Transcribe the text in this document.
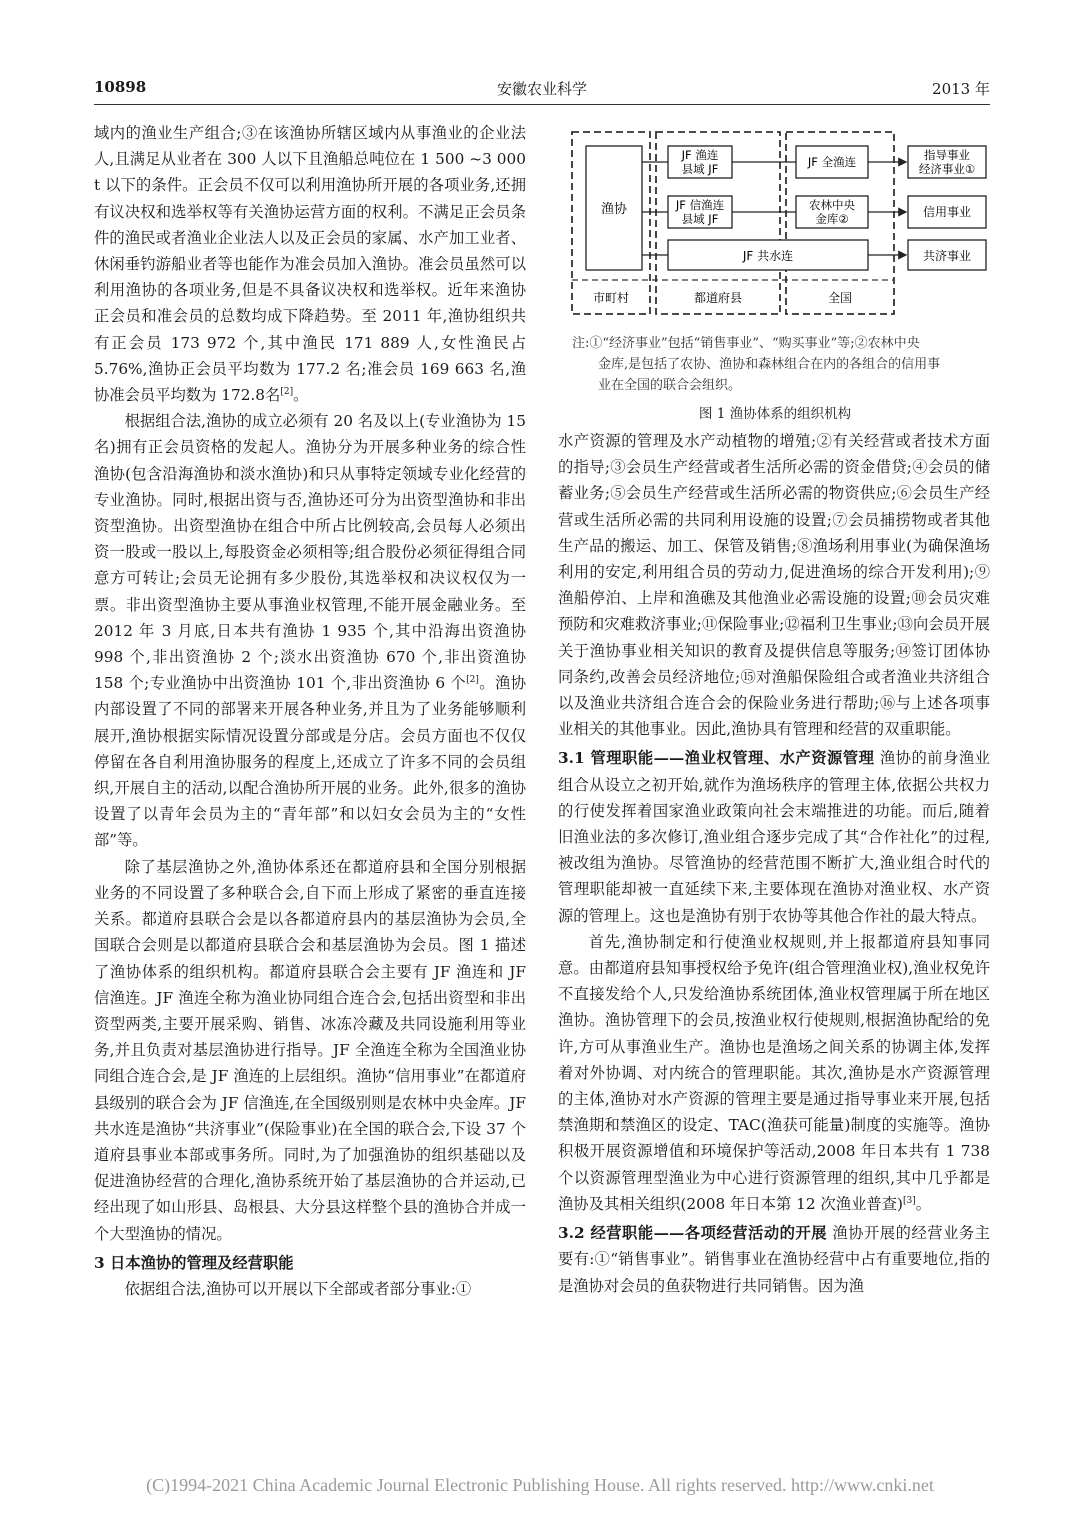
10898	安徽农业科学	2013 年

域内的渔业生产组合;③在该渔协所辖区域内从事渔业的企业法人,且满足从业者在 300 人以下且渔船总吨位在 1 500 ~3 000 t 以下的条件。正会员不仅可以利用渔协所开展的各项业务,还拥有议决权和选举权等有关渔协运营方面的权利。不满足正会员条件的渔民或者渔业企业法人以及正会员的家属、水产加工业者、休闲垂钓游船业者等也能作为准会员加入渔协。准会员虽然可以利用渔协的各项业务,但是不具备议决权和选举权。近年来渔协正会员和准会员的总数均成下降趋势。至 2011 年,渔协组织共有正会员 173 972 个,其中渔民 171 889 人,女性渔民占 5.76%,渔协正会员平均数为 177.2 名;准会员 169 663 名,渔协准会员平均数为 172.8名[2]。

根据组合法,渔协的成立必须有 20 名及以上(专业渔协为 15 名)拥有正会员资格的发起人。渔协分为开展多种业务的综合性渔协(包含沿海渔协和淡水渔协)和只从事特定领域专业化经营的专业渔协。同时,根据出资与否,渔协还可分为出资型渔协和非出资型渔协。出资型渔协在组合中所占比例较高,会员每人必须出资一股或一股以上,每股资金必须相等;组合股份必须征得组合同意方可转让;会员无论拥有多少股份,其选举权和决议权仅为一票。非出资型渔协主要从事渔业权管理,不能开展金融业务。至 2012 年 3 月底,日本共有渔协 1 935 个,其中沿海出资渔协 998 个,非出资渔协 2 个;淡水出资渔协 670 个,非出资渔协 158 个;专业渔协中出资渔协 101 个,非出资渔协 6 个[2]。渔协内部设置了不同的部署来开展各种业务,并且为了业务能够顺利展开,渔协根据实际情况设置分部或是分店。会员方面也不仅仅停留在各自利用渔协服务的程度上,还成立了许多不同的会员组织,开展自主的活动,以配合渔协所开展的业务。此外,很多的渔协设置了以青年会员为主的“青年部”和以妇女会员为主的“女性部”等。

除了基层渔协之外,渔协体系还在都道府县和全国分别根据业务的不同设置了多种联合会,自下而上形成了紧密的垂直连接关系。都道府县联合会是以各都道府县内的基层渔协为会员,全国联合会则是以都道府县联合会和基层渔协为会员。图 1 描述了渔协体系的组织机构。都道府县联合会主要有 JF 渔连和 JF 信渔连。JF 渔连全称为渔业协同组合连合会,包括出资型和非出资型两类,主要开展采购、销售、冰冻冷藏及共同设施利用等业务,并且负责对基层渔协进行指导。JF 全渔连全称为全国渔业协同组合连合会,是 JF 渔连的上层组织。渔协“信用事业”在都道府县级别的联合会为 JF 信渔连,在全国级别则是农林中央金库。JF 共水连是渔协“共济事业”(保险事业)在全国的联合会,下设 37 个道府县事业本部或事务所。同时,为了加强渔协的组织基础以及促进渔协经营的合理化,渔协系统开始了基层渔协的合并运动,已经出现了如山形县、岛根县、大分县这样整个县的渔协合并成一个大型渔协的情况。

3 日本渔协的管理及经营职能

依据组合法,渔协可以开展以下全部或者部分事业:①

渔协
JF 渔连
县域 JF	JF 全渔连	指导事业
经济事业①
JF 信渔连
县域 JF
农林中央
金库②	信用事业
JF 共水连	共济事业
市町村	都道府县	全国

注:①“经济事业”包括“销售事业”、“购买事业”等;②农林中央

金库,是包括了农协、渔协和森林组合在内的各组合的信用事

业在全国的联合会组织。

图 1 渔协体系的组织机构

水产资源的管理及水产动植物的增殖;②有关经营或者技术方面的指导;③会员生产经营或者生活所必需的资金借贷;④会员的储蓄业务;⑤会员生产经营或生活所必需的物资供应;⑥会员生产经营或生活所必需的共同利用设施的设置;⑦会员捕捞物或者其他生产品的搬运、加工、保管及销售;⑧渔场利用事业(为确保渔场利用的安定,利用组合员的劳动力,促进渔场的综合开发利用);⑨渔船停泊、上岸和渔礁及其他渔业必需设施的设置;⑩会员灾难预防和灾难救济事业;⑪保险事业;⑫福利卫生事业;⑬向会员开展关于渔协事业相关知识的教育及提供信息等服务;⑭签订团体协同条约,改善会员经济地位;⑮对渔船保险组合或者渔业共济组合以及渔业共济组合连合会的保险业务进行帮助;⑯与上述各项事业相关的其他事业。因此,渔协具有管理和经营的双重职能。

3.1 管理职能——渔业权管理、水产资源管理 渔协的前身渔业组合从设立之初开始,就作为渔场秩序的管理主体,依据公共权力的行使发挥着国家渔业政策向社会末端推进的功能。而后,随着旧渔业法的多次修订,渔业组合逐步完成了其“合作社化”的过程,被改组为渔协。尽管渔协的经营范围不断扩大,渔业组合时代的管理职能却被一直延续下来,主要体现在渔协对渔业权、水产资源的管理上。这也是渔协有别于农协等其他合作社的最大特点。

首先,渔协制定和行使渔业权规则,并上报都道府县知事同意。由都道府县知事授权给予免许(组合管理渔业权),渔业权免许不直接发给个人,只发给渔协系统团体,渔业权管理属于所在地区渔协。渔协管理下的会员,按渔业权行使规则,根据渔协配给的免许,方可从事渔业生产。渔协也是渔场之间关系的协调主体,发挥着对外协调、对内统合的管理职能。其次,渔协是水产资源管理的主体,渔协对水产资源的管理主要是通过指导事业来开展,包括禁渔期和禁渔区的设定、TAC(渔获可能量)制度的实施等。渔协积极开展资源增值和环境保护等活动,2008 年日本共有 1 738 个以资源管理型渔业为中心进行资源管理的组织,其中几乎都是渔协及其相关组织(2008 年日本第 12 次渔业普查)[3]。

3.2 经营职能——各项经营活动的开展 渔协开展的经营业务主要有:①“销售事业”。销售事业在渔协经营中占有重要地位,指的是渔协对会员的鱼获物进行共同销售。因为渔

(C)1994-2021 China Academic Journal Electronic Publishing House. All rights reserved. http://www.cnki.net
